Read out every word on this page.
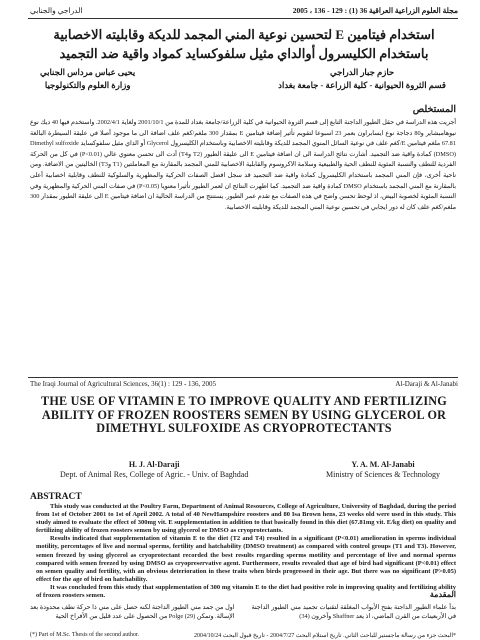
مجلة العلوم الزراعية العراقية 36 (1) : 129 - 136 ، 2005
الدراجي والجنابي
استخدام فيتامين E لتحسين نوعية المني المجمد للديكة وقابليته الاخصابية باستخدام الكليسرول أوالداي مثيل سلفوكسايد كمواد واقية ضد التجميد
حازم جبار الدراجي
قسم الثروة الحيوانية - كلية الزراعة - جامعة بغداد
يحيى عباس مرداس الجنابي
وزارة العلوم والتكنولوجيا
المستخلص
أجريت هذه الدراسة في حقل الطيور الداجنة التابع إلى قسم الثروة الحيوانية في كلية الزراعة/جامعة بغداد للمدة من 2001/10/1 ولغاية 2002/4/1. واستخدم فيها 40 ديك نوع نيوهامبشاير و80 دجاجة نوع ايسابراون بعمر 23 اسبوعا لتقويم تأثير إضافة فيتامين E بمقدار 300 ملغم/كغم علف اضافة الى ما موجود أصلا في عليقة السيطرة البالغة 67.81 ملغم فيتامين E/كغم علف في نوعية السائل المنوي المجمد للديكة وقابليته الاخصابية وباستخدام الكليسرول Glycerol أو الداي مثيل سلفوكسايد Dimethyl sulfoxide (DMSO) كمادة واقية ضد التجميد. أشارت نتائج الدراسة الى ان اضافة فيتامين E الى عليقة الطيور (T2 وT4) أدت الى تحسن معنوي عالي (P<0.01) في كل من الحركة الفردية للنطف والنسبة المئوية للنطف الحية والطبيعية وسلامة الاكروسوم والقابلية الاخصابية للمني المجمد بالمقارنة مع المعاملتين (T1 وT3) الخاليتين من الاضافة. ومن ناحية أخرى، فإن المني المجمد باستخدام الكليسرول كمادة واقية ضد التجميد قد سجل افضل الصفات الحركية والمظهرية والسلوكية للنطف وقابلية اخصابية أعلى بالمقارنة مع المني المجمد باستخدام DMSO كمادة واقية ضد التجميد. كما اظهرت النتائج ان لعمر الطيور تأثيرا معنويا (P<0.05) في صفات المني الحركية والمظهرية وفي النسبة المئوية لخصوبة البيض، اذ لوحظ تحسن واضح في هذه الصفات مع تقدم عمر الطيور. يستنتج من الدراسة الحالية ان اضافة فيتامين E الى عليقة الطيور بمقدار 300 ملغم/كغم علف كان له دور ايجابي في تحسين نوعية المني المجمد للديكة وقابليته الاخصابية.
The Iraqi Journal of Agricultural Sciences, 36(1) : 129 - 136, 2005	Al-Daraji & Al-Janabi
THE USE OF VITAMIN E TO IMPROVE QUALITY AND FERTILIZING ABILITY OF FROZEN ROOSTERS SEMEN BY USING GLYCEROL OR DIMETHYL SULFOXIDE AS CRYOPROTECTANTS
H. J. Al-Daraji
Dept. of Animal Res, College of Agric. - Univ. of Baghdad
Y. A. M. Al-Janabi
Ministry of Sciences & Technology
ABSTRACT

This study was conducted at the Poultry Farm, Department of Animal Resources, College of Agriculture, University of Baghdad, during the period from 1st of October 2001 to 1st of April 2002. A total of 40 NewHampshire roosters and 80 Isa Brown hens, 23 weeks old were used in this study. This study aimed to evaluate the effect of 300mg vit. E supplementation in addition to that basically found in this diet (67.81mg vit. E/kg diet) on quality and fertilizing ability of frozen roosters semen by using glycerol or DMSO as cryoprotectants.

Results indicated that supplementation of vitamin E to the diet (T2 and T4) resulted in a significant (P<0.01) amelioration in sperms individual motility, percentages of live and normal sperms, fertility and hatchability (DMSO treatment) as compared with control groups (T1 and T3). However, semen freezed by using glycerol as cryoprotectant recorded the best results regarding sperms motility and percentage of live and normal sperms compared with semen freezed by using DMSO as cryopreservative agent. Furthermore, results revealed that age of bird had significant (P<0.01) effect on semen quality and fertility, with an obvious deterioration in these traits when birds progressed in their age. But there was no significant (P>0.05) effect for the age of bird on hatchability.

It was concluded from this study that supplementation of 300 mg vitamin E to the diet had positive role in improving quality and fertilizing ability of frozen roosters semen.	المقدمة
بدأ علماء الطيور الداجنة بفتح الأبواب المغلقة لتقنيات تجميد مني الطيور الداجنة في الأربعينات من القرن الماضي، اذ يعد Shaffner وآخرون (34)
اول من جمد مني الطيور الداجنة لكنه حصل على مني ذا حركة نطف محدودة بعد الإسالة. وتمكن Polge (29) من الحصول على عدد قليل من الأفراخ الحية
(*) Part of M.Sc. Thesis of the second author.	*البحث جزء من رسالة ماجستير للباحث الثاني. تاريخ استلام البحث 2004/7/27 - تاريخ قبول البحث 2004/10/24
